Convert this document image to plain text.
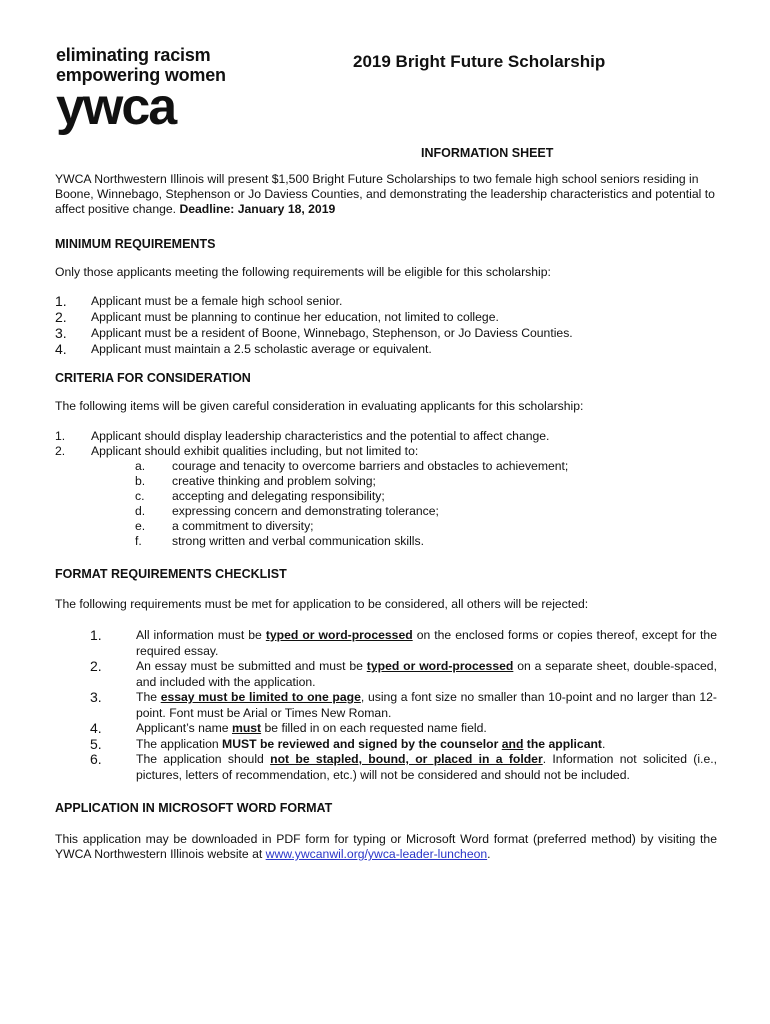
eliminating racism
empowering women
ywca
2019 Bright Future Scholarship
INFORMATION SHEET

YWCA Northwestern Illinois will present $1,500 Bright Future Scholarships to two female high school seniors residing in Boone, Winnebago, Stephenson or Jo Daviess Counties, and demonstrating the leadership characteristics and potential to affect positive change. Deadline: January 18, 2019

MINIMUM REQUIREMENTS

Only those applicants meeting the following requirements will be eligible for this scholarship:

1.	Applicant must be a female high school senior.
2.	Applicant must be planning to continue her education, not limited to college.
3.	Applicant must be a resident of Boone, Winnebago, Stephenson, or Jo Daviess Counties.
4.	Applicant must maintain a 2.5 scholastic average or equivalent.
CRITERIA FOR CONSIDERATION

The following items will be given careful consideration in evaluating applicants for this scholarship:

1.	Applicant should display leadership characteristics and the potential to affect change.
2.	Applicant should exhibit qualities including, but not limited to:
a.	courage and tenacity to overcome barriers and obstacles to achievement;
b.	creative thinking and problem solving;
c.	accepting and delegating responsibility;
d.	expressing concern and demonstrating tolerance;
e.	a commitment to diversity;
f.	strong written and verbal communication skills.
FORMAT REQUIREMENTS CHECKLIST

The following requirements must be met for application to be considered, all others will be rejected:

1.	All information must be typed or word-processed on the enclosed forms or copies thereof, except for the required essay.
2.	An essay must be submitted and must be typed or word-processed on a separate sheet, double-spaced, and included with the application.
3.	The essay must be limited to one page, using a font size no smaller than 10-point and no larger than 12-point. Font must be Arial or Times New Roman.
4.	Applicant’s name must be filled in on each requested name field.
5.	The application MUST be reviewed and signed by the counselor and the applicant.
6.	The application should not be stapled, bound, or placed in a folder. Information not solicited (i.e., pictures, letters of recommendation, etc.) will not be considered and should not be included.
APPLICATION IN MICROSOFT WORD FORMAT

This application may be downloaded in PDF form for typing or Microsoft Word format (preferred method) by visiting the YWCA Northwestern Illinois website at www.ywcanwil.org/ywca-leader-luncheon.
